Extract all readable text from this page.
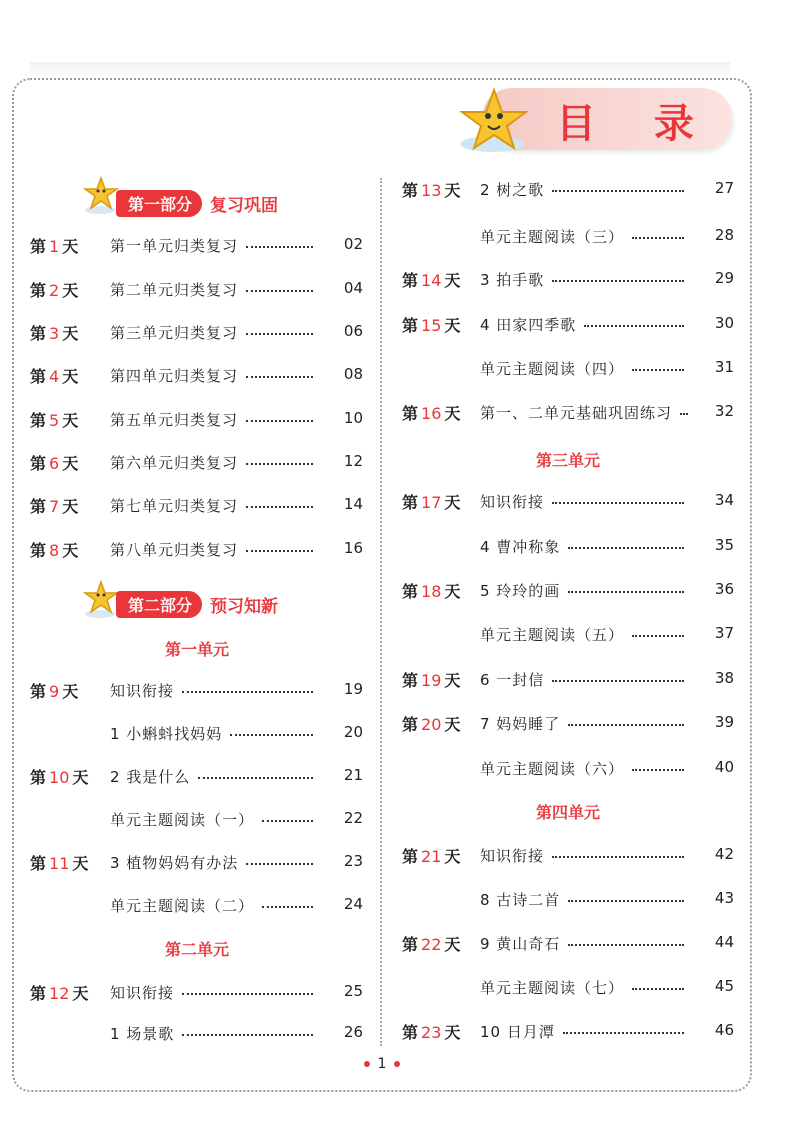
目 录
第一部分	复习巩固
第二部分	预习知新
第一单元
第二单元
第三单元
第四单元
第 1 天 第一单元归类复习	02
第 2 天 第二单元归类复习	04
第 3 天 第三单元归类复习	06
第 4 天 第四单元归类复习	08
第 5 天 第五单元归类复习	10
第 6 天 第六单元归类复习	12
第 7 天 第七单元归类复习	14
第 8 天 第八单元归类复习	16
第 9 天 知识衔接	19
1 小蝌蚪找妈妈	20
第 10 天 2 我是什么	21
单元主题阅读（一）	22
第 11 天 3 植物妈妈有办法	23
单元主题阅读（二）	24
第 12 天 知识衔接	25
1 场景歌	26
第 13 天 2 树之歌	27
单元主题阅读（三）	28
第 14 天 3 拍手歌	29
第 15 天 4 田家四季歌	30
单元主题阅读（四）	31
第 16 天 第一、二单元基础巩固练习	32
第 17 天 知识衔接	34
4 曹冲称象	35
第 18 天 5 玲玲的画	36
单元主题阅读（五）	37
第 19 天 6 一封信	38
第 20 天 7 妈妈睡了	39
单元主题阅读（六）	40
第 21 天 知识衔接	42
8 古诗二首	43
第 22 天 9 黄山奇石	44
单元主题阅读（七）	45
第 23 天 10 日月潭	46
1
